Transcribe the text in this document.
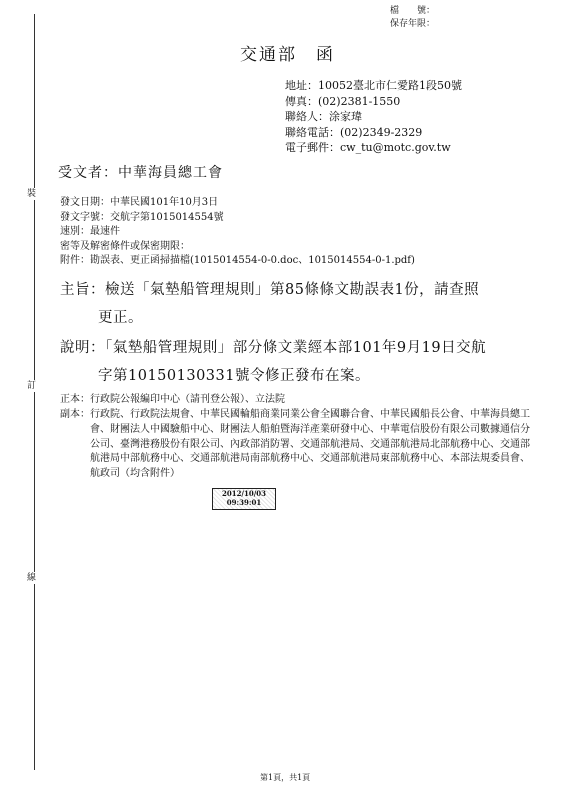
裝
訂
線
檔　　號：
保存年限：
交通部　函
地址：10052臺北市仁愛路1段50號
傳真：(02)2381-1550
聯絡人：涂家瑋
聯絡電話：(02)2349-2329
電子郵件：cw_tu@motc.gov.tw
受文者：中華海員總工會
發文日期：中華民國101年10月3日
發文字號：交航字第1015014554號
速別：最速件
密等及解密條件或保密期限：
附件：勘誤表、更正函掃描檔(1015014554-0-0.doc、1015014554-0-1.pdf)
主旨：檢送「氣墊船管理規則」第85條條文勘誤表1份，請查照
更正。
說明：「氣墊船管理規則」部分條文業經本部101年9月19日交航
字第10150130331號令修正發布在案。
正本：行政院公報編印中心（請刊登公報）、立法院
副本： 行政院、行政院法規會、中華民國輪船商業同業公會全國聯合會、中華民國船長公會、中華海員總工會、財團法人中國驗船中心、財團法人船舶暨海洋產業研發中心、中華電信股份有限公司數據通信分公司、臺灣港務股份有限公司、內政部消防署、交通部航港局、交通部航港局北部航務中心、交通部航港局中部航務中心、交通部航港局南部航務中心、交通部航港局東部航務中心、本部法規委員會、航政司（均含附件）
2012/10/03
09:39:01
第1頁，共1頁
